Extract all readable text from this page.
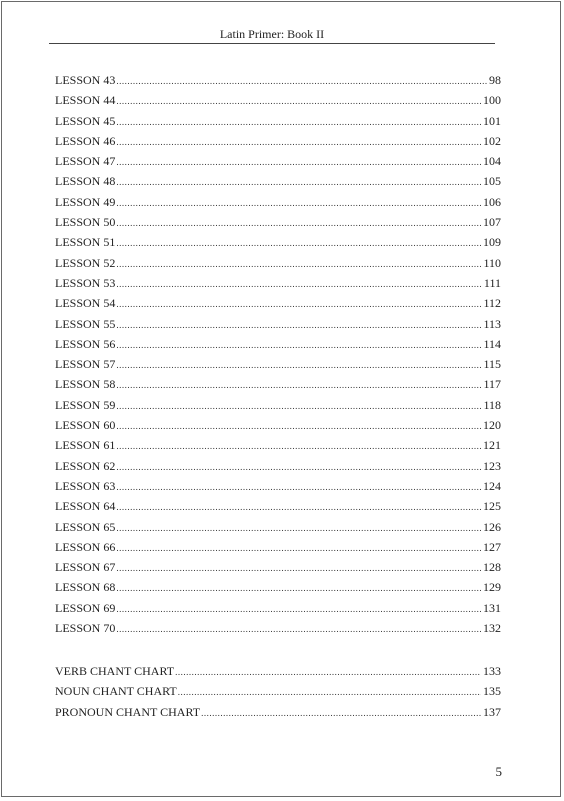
Latin Primer: Book II
LESSON 43 .....	98
LESSON 44 .....	100
LESSON 45 .....	101
LESSON 46 .....	102
LESSON 47 .....	104
LESSON 48 .....	105
LESSON 49 .....	106
LESSON 50 .....	107
LESSON 51 .....	109
LESSON 52 .....	110
LESSON 53 .....	111
LESSON 54 .....	112
LESSON 55 .....	113
LESSON 56 .....	114
LESSON 57 .....	115
LESSON 58 .....	117
LESSON 59 .....	118
LESSON 60 .....	120
LESSON 61 .....	121
LESSON 62 .....	123
LESSON 63 .....	124
LESSON 64 .....	125
LESSON 65 .....	126
LESSON 66 .....	127
LESSON 67 .....	128
LESSON 68 .....	129
LESSON 69 .....	131
LESSON 70 .....	132
VERB CHANT CHART .....	133
NOUN CHANT CHART .....	135
PRONOUN CHANT CHART .....	137
5
